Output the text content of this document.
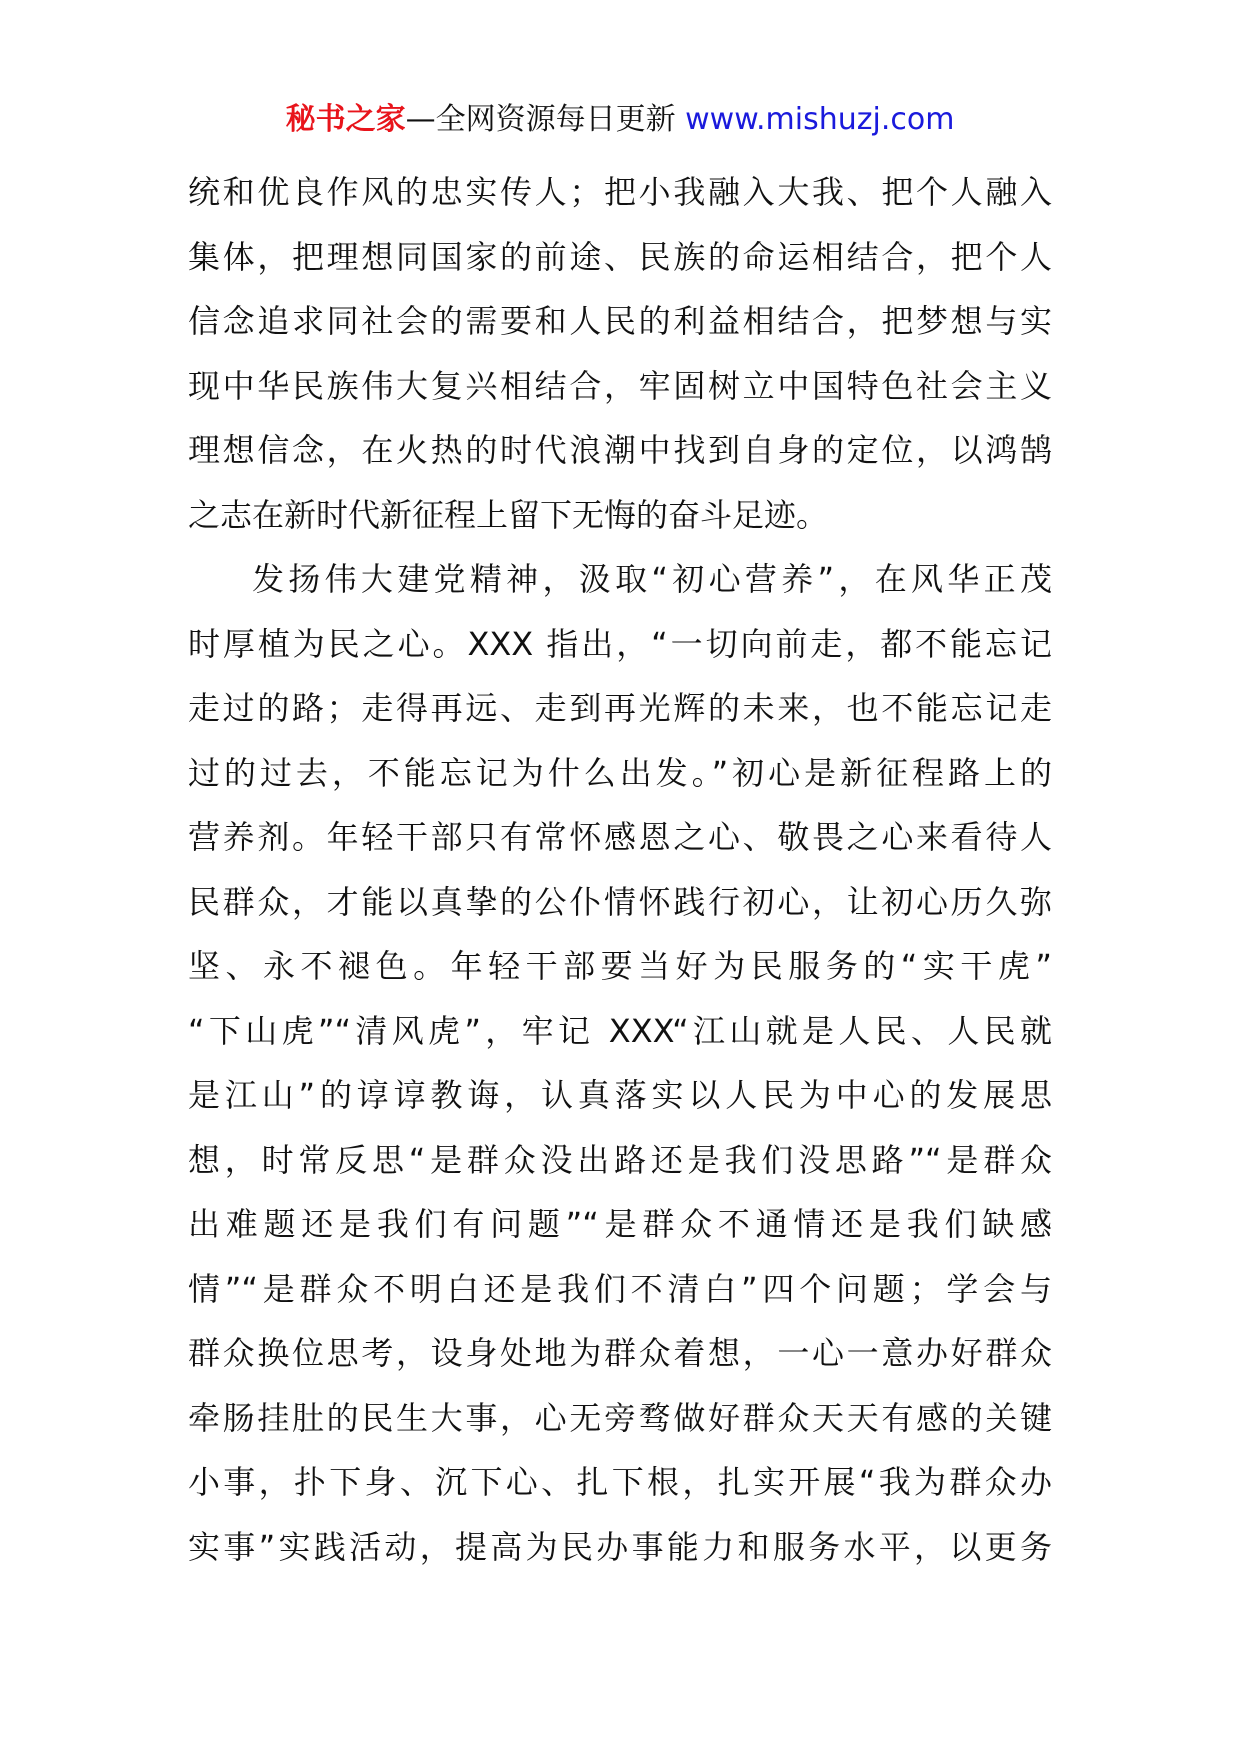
秘书之家—全网资源每日更新 www.mishuzj.com
统和优良作风的忠实传人；把小我融入大我、把个人融入
集体，把理想同国家的前途、民族的命运相结合，把个人
信念追求同社会的需要和人民的利益相结合，把梦想与实
现中华民族伟大复兴相结合，牢固树立中国特色社会主义
理想信念，在火热的时代浪潮中找到自身的定位，以鸿鹄
之志在新时代新征程上留下无悔的奋斗足迹。
发扬伟大建党精神，汲取“初心营养”，在风华正茂
时厚植为民之心。XXX 指出，“一切向前走，都不能忘记
走过的路；走得再远、走到再光辉的未来，也不能忘记走
过的过去，不能忘记为什么出发。”初心是新征程路上的
营养剂。年轻干部只有常怀感恩之心、敬畏之心来看待人
民群众，才能以真挚的公仆情怀践行初心，让初心历久弥
坚、永不褪色。年轻干部要当好为民服务的“实干虎”
“下山虎”“清风虎”，牢记 XXX“江山就是人民、人民就
是江山”的谆谆教诲，认真落实以人民为中心的发展思
想，时常反思“是群众没出路还是我们没思路”“是群众
出难题还是我们有问题”“是群众不通情还是我们缺感
情”“是群众不明白还是我们不清白”四个问题；学会与
群众换位思考，设身处地为群众着想，一心一意办好群众
牵肠挂肚的民生大事，心无旁骛做好群众天天有感的关键
小事，扑下身、沉下心、扎下根，扎实开展“我为群众办
实事”实践活动，提高为民办事能力和服务水平，以更务
